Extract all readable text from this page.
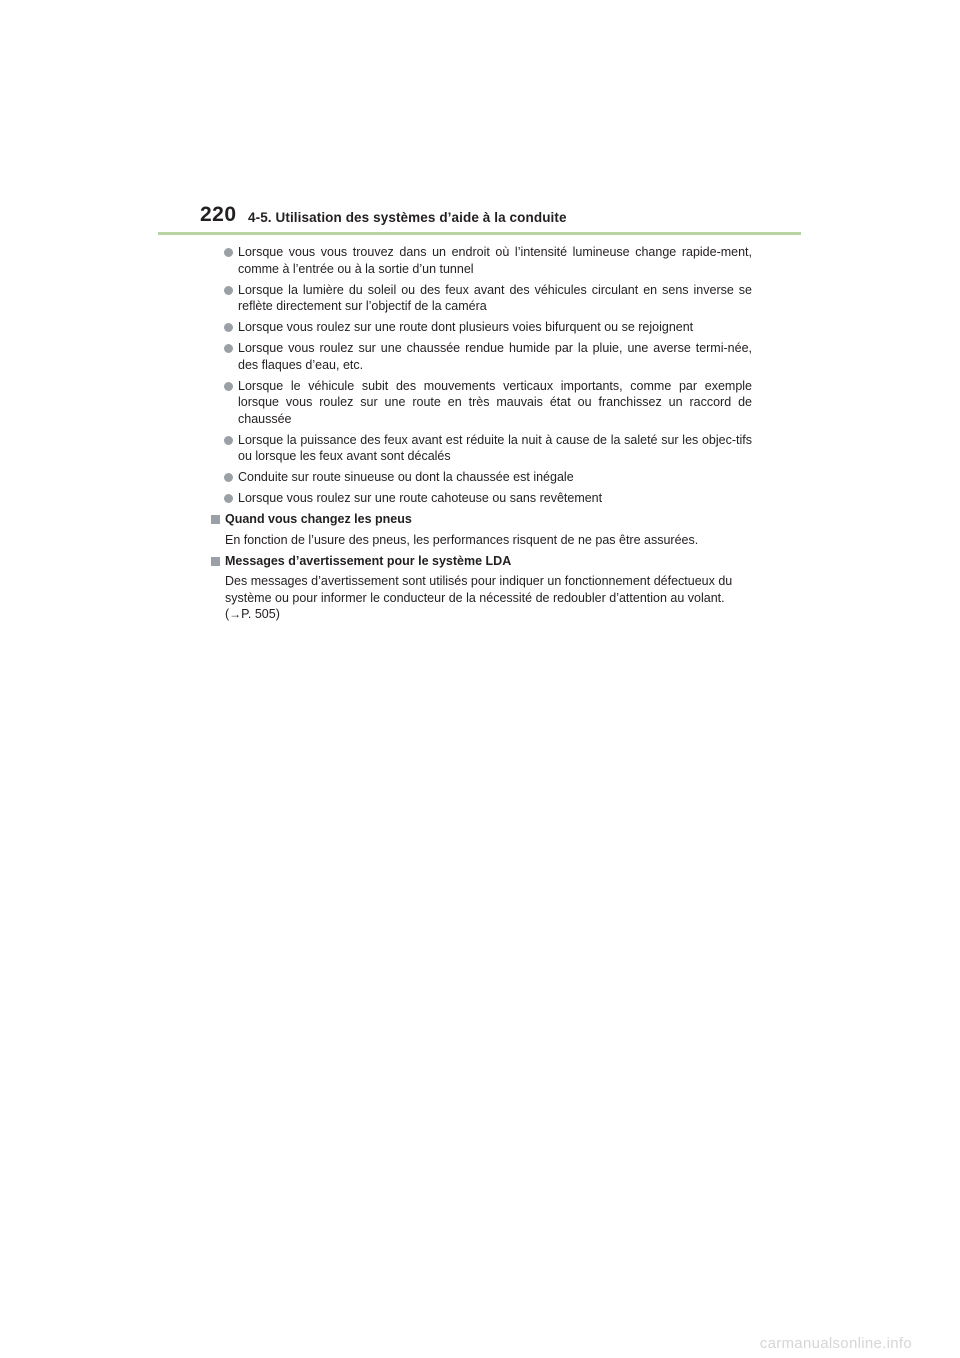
220 4-5. Utilisation des systèmes d’aide à la conduite
Lorsque vous vous trouvez dans un endroit où l’intensité lumineuse change rapide-ment, comme à l’entrée ou à la sortie d’un tunnel
Lorsque la lumière du soleil ou des feux avant des véhicules circulant en sens inverse se reflète directement sur l’objectif de la caméra
Lorsque vous roulez sur une route dont plusieurs voies bifurquent ou se rejoignent
Lorsque vous roulez sur une chaussée rendue humide par la pluie, une averse termi-née, des flaques d’eau, etc.
Lorsque le véhicule subit des mouvements verticaux importants, comme par exemple lorsque vous roulez sur une route en très mauvais état ou franchissez un raccord de chaussée
Lorsque la puissance des feux avant est réduite la nuit à cause de la saleté sur les objec-tifs ou lorsque les feux avant sont décalés
Conduite sur route sinueuse ou dont la chaussée est inégale
Lorsque vous roulez sur une route cahoteuse ou sans revêtement
Quand vous changez les pneus
En fonction de l’usure des pneus, les performances risquent de ne pas être assurées.
Messages d’avertissement pour le système LDA
Des messages d’avertissement sont utilisés pour indiquer un fonctionnement défectueux du système ou pour informer le conducteur de la nécessité de redoubler d’attention au volant. (→P. 505)
carmanualsonline.info
